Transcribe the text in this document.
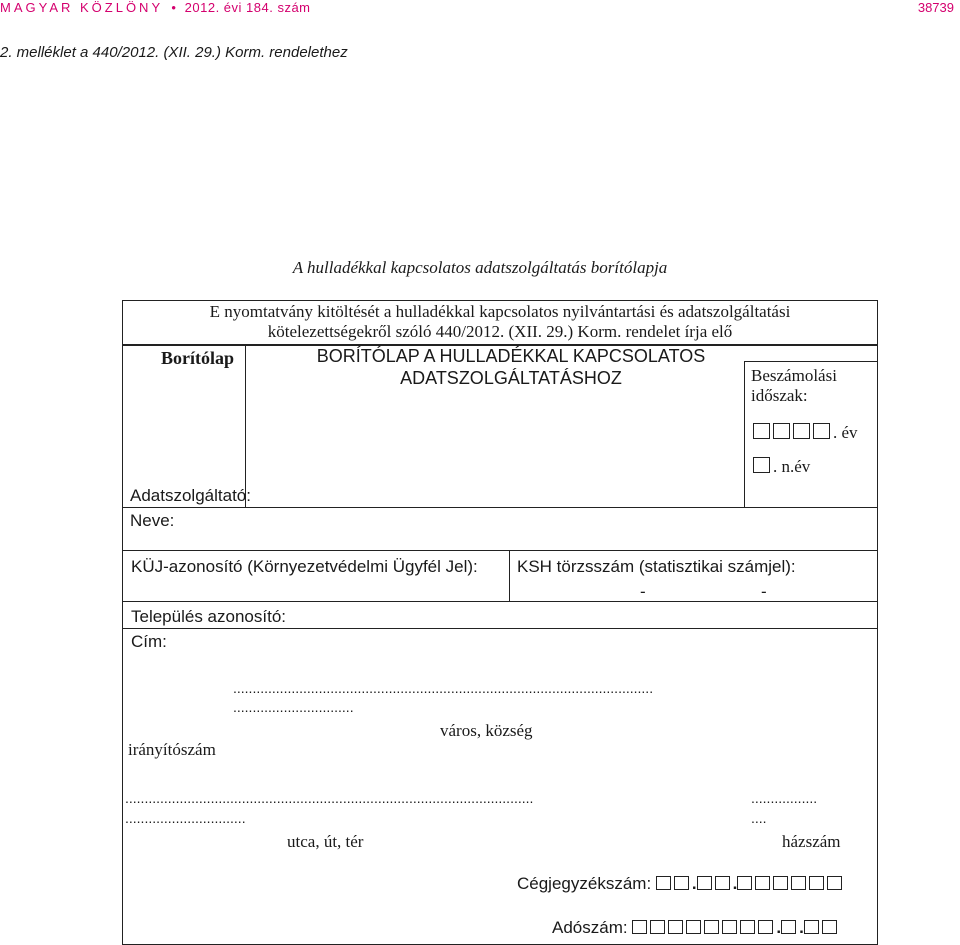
MAGYAR KÖZLÖNY  •  2012. évi 184. szám	38739
2. melléklet a 440/2012. (XII. 29.) Korm. rendelethez
A hulladékkal kapcsolatos adatszolgáltatás borítólapja
E nyomtatvány kitöltését a hulladékkal kapcsolatos nyilvántartási és adatszolgáltatási
kötelezettségekről szóló 440/2012. (XII. 29.) Korm. rendelet írja elő
Borítólap	BORÍTÓLAP A HULLADÉKKAL KAPCSOLATOS
ADATSZOLGÁLTATÁSHOZ	Beszámolási
időszak:
. év
. n.év
Adatszolgáltató:
Neve:
KÜJ-azonosító (Környezetvédelmi Ügyfél Jel): KSH törzsszám (statisztikai számjel):
-	-
Település azonosító:
Cím:
............................................................................................................
...............................
város, község
irányítószám
.........................................................................................................
...............................
.................
....
utca, út, tér	házszám
Cégjegyzékszám: . .
Adószám:	. .
